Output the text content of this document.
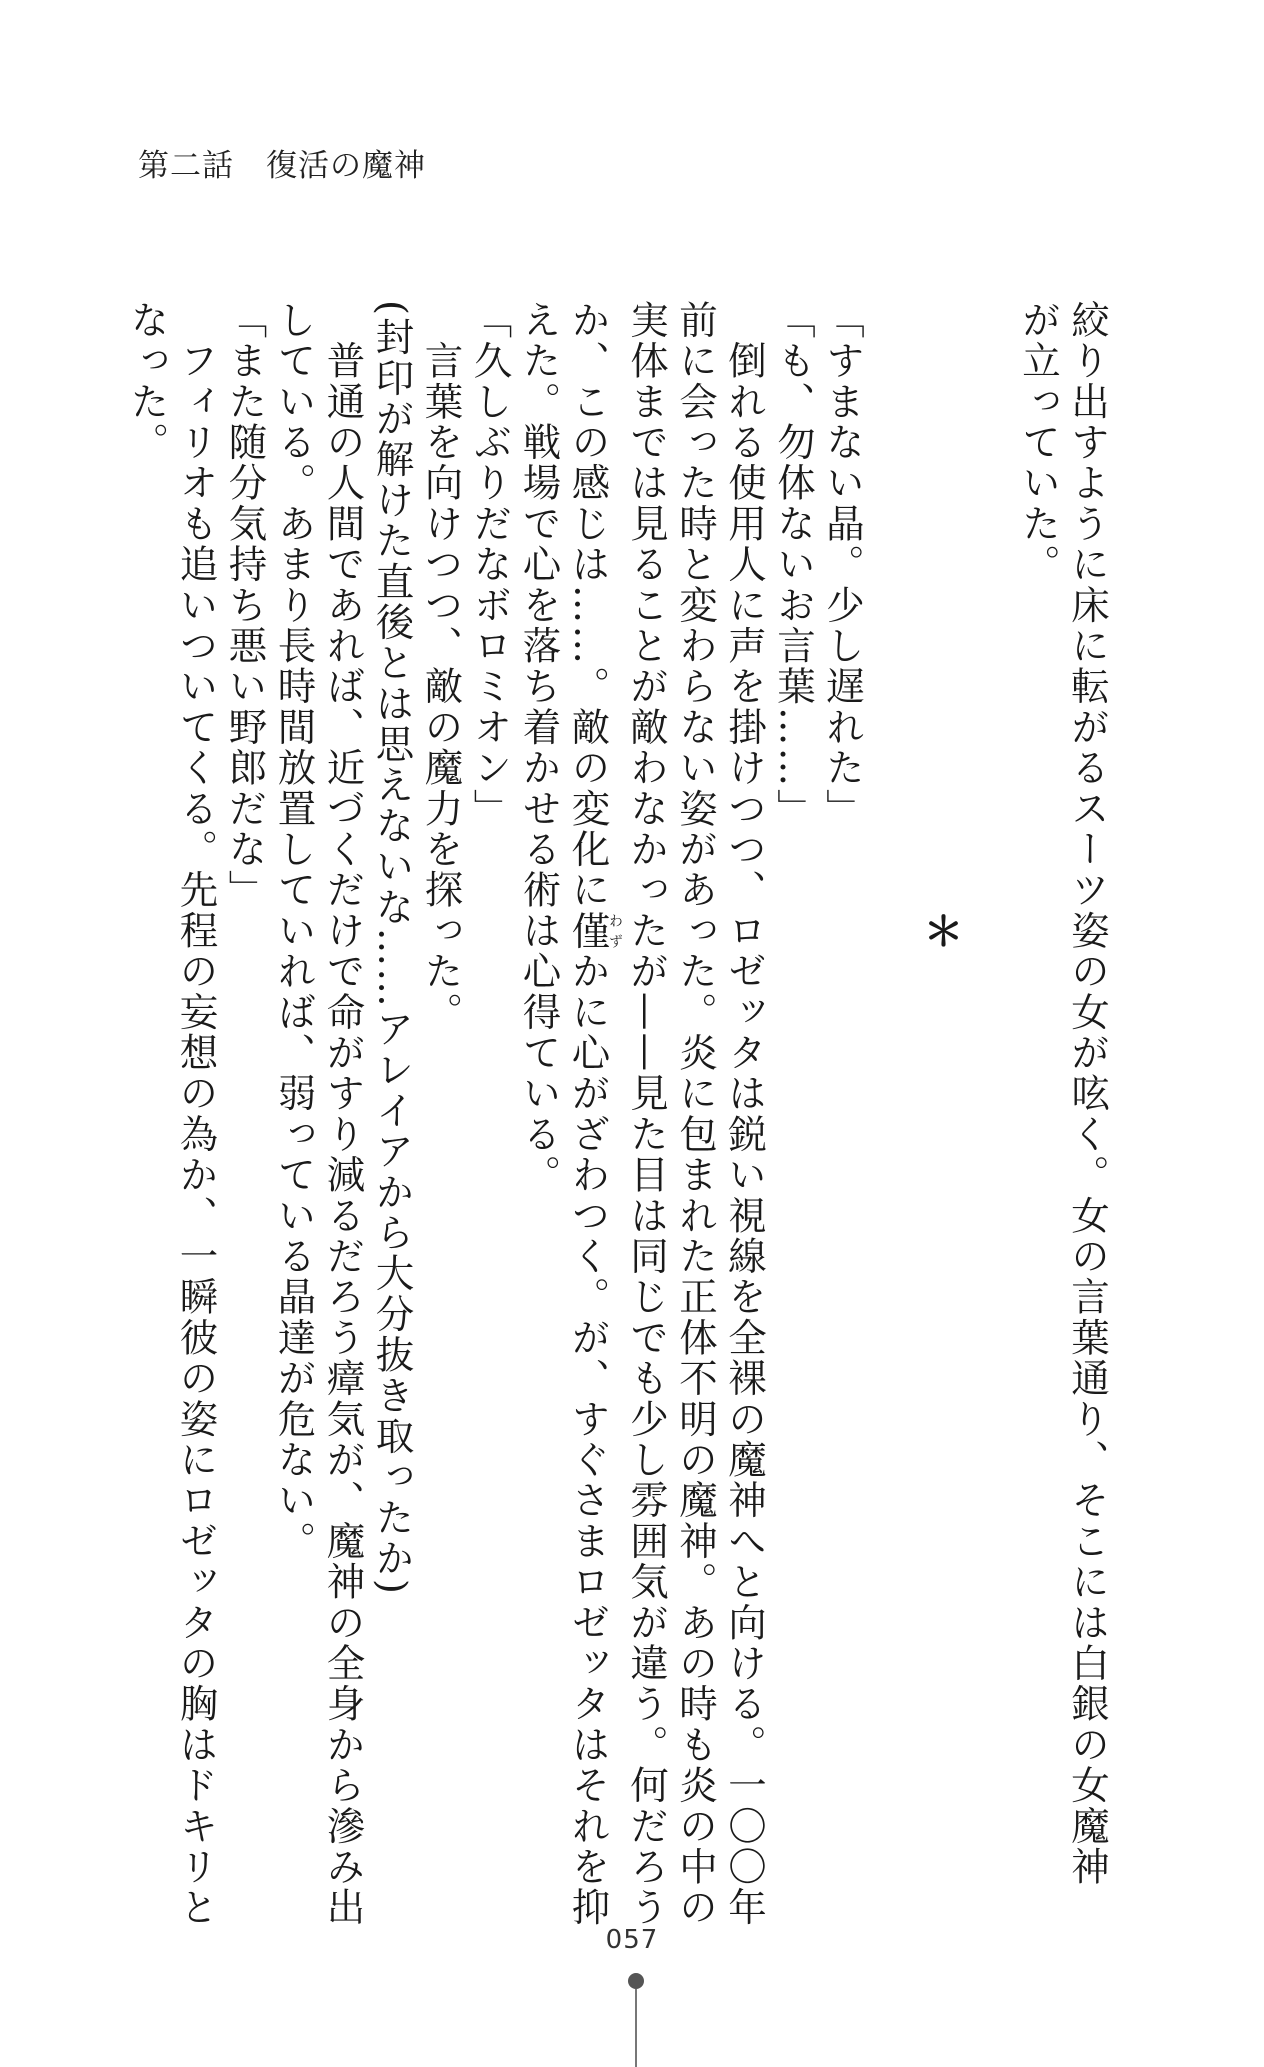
第二話　復活の魔神
絞り出すように床に転がるスーツ姿の女が呟く。女の言葉通り、そこには白銀の女魔神
が立っていた。
＊
「すまない晶。少し遅れた」
「も、勿体ないお言葉……」
　倒れる使用人に声を掛けつつ、ロゼッタは鋭い視線を全裸の魔神へと向ける。一〇〇年
前に会った時と変わらない姿があった。炎に包まれた正体不明の魔神。あの時も炎の中の
実体までは見ることが敵わなかったが——見た目は同じでも少し雰囲気が違う。何だろう
か、この感じは……。敵の変化に僅わずかに心がざわつく。が、すぐさまロゼッタはそれを抑
えた。戦場で心を落ち着かせる術は心得ている。
「久しぶりだなボロミオン」
　言葉を向けつつ、敵の魔力を探った。
(封印が解けた直後とは思えないな……アレイアから大分抜き取ったか)
　普通の人間であれば、近づくだけで命がすり減るだろう瘴気が、魔神の全身から滲み出
している。あまり長時間放置していれば、弱っている晶達が危ない。
「また随分気持ち悪い野郎だな」
　フィリオも追いついてくる。先程の妄想の為か、一瞬彼の姿にロゼッタの胸はドキリと
なった。
057
